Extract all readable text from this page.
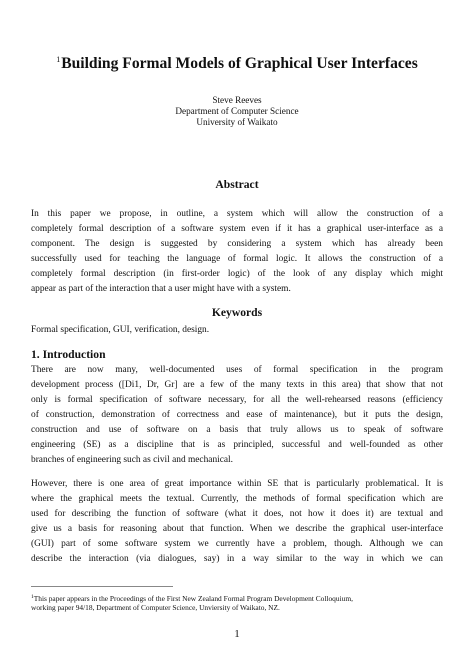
$^1$Building Formal Models of Graphical User Interfaces
Steve Reeves
Department of Computer Science
University of Waikato
Abstract
In this paper we propose, in outline, a system which will allow the construction of a
completely formal description of a software system even if it has a graphical user-interface as a
component. The design is suggested by considering a system which has already been
successfully used for teaching the language of formal logic. It allows the construction of a
completely formal description (in first-order logic) of the look of any display which might
appear as part of the interaction that a user might have with a system.
Keywords
Formal specification, GUI, verification, design.
1. Introduction
There are now many, well-documented uses of formal specification in the program
development process ([Di1, Dr, Gr] are a few of the many texts in this area) that show that not
only is formal specification of software necessary, for all the well-rehearsed reasons (efficiency
of construction, demonstration of correctness and ease of maintenance), but it puts the design,
construction and use of software on a basis that truly allows us to speak of software
engineering (SE) as a discipline that is as principled, successful and well-founded as other
branches of engineering such as civil and mechanical.
However, there is one area of great importance within SE that is particularly problematical. It is
where the graphical meets the textual. Currently, the methods of formal specification which are
used for describing the function of software (what it does, not how it does it) are textual and
give us a basis for reasoning about that function. When we describe the graphical user-interface
(GUI) part of some software system we currently have a problem, though. Although we can
describe the interaction (via dialogues, say) in a way similar to the way in which we can
$^1$This paper appears in the Proceedings of the First New Zealand Formal Program Development Colloquium,
working paper 94/18, Department of Computer Science, Unviersity of Waikato, NZ.
1
